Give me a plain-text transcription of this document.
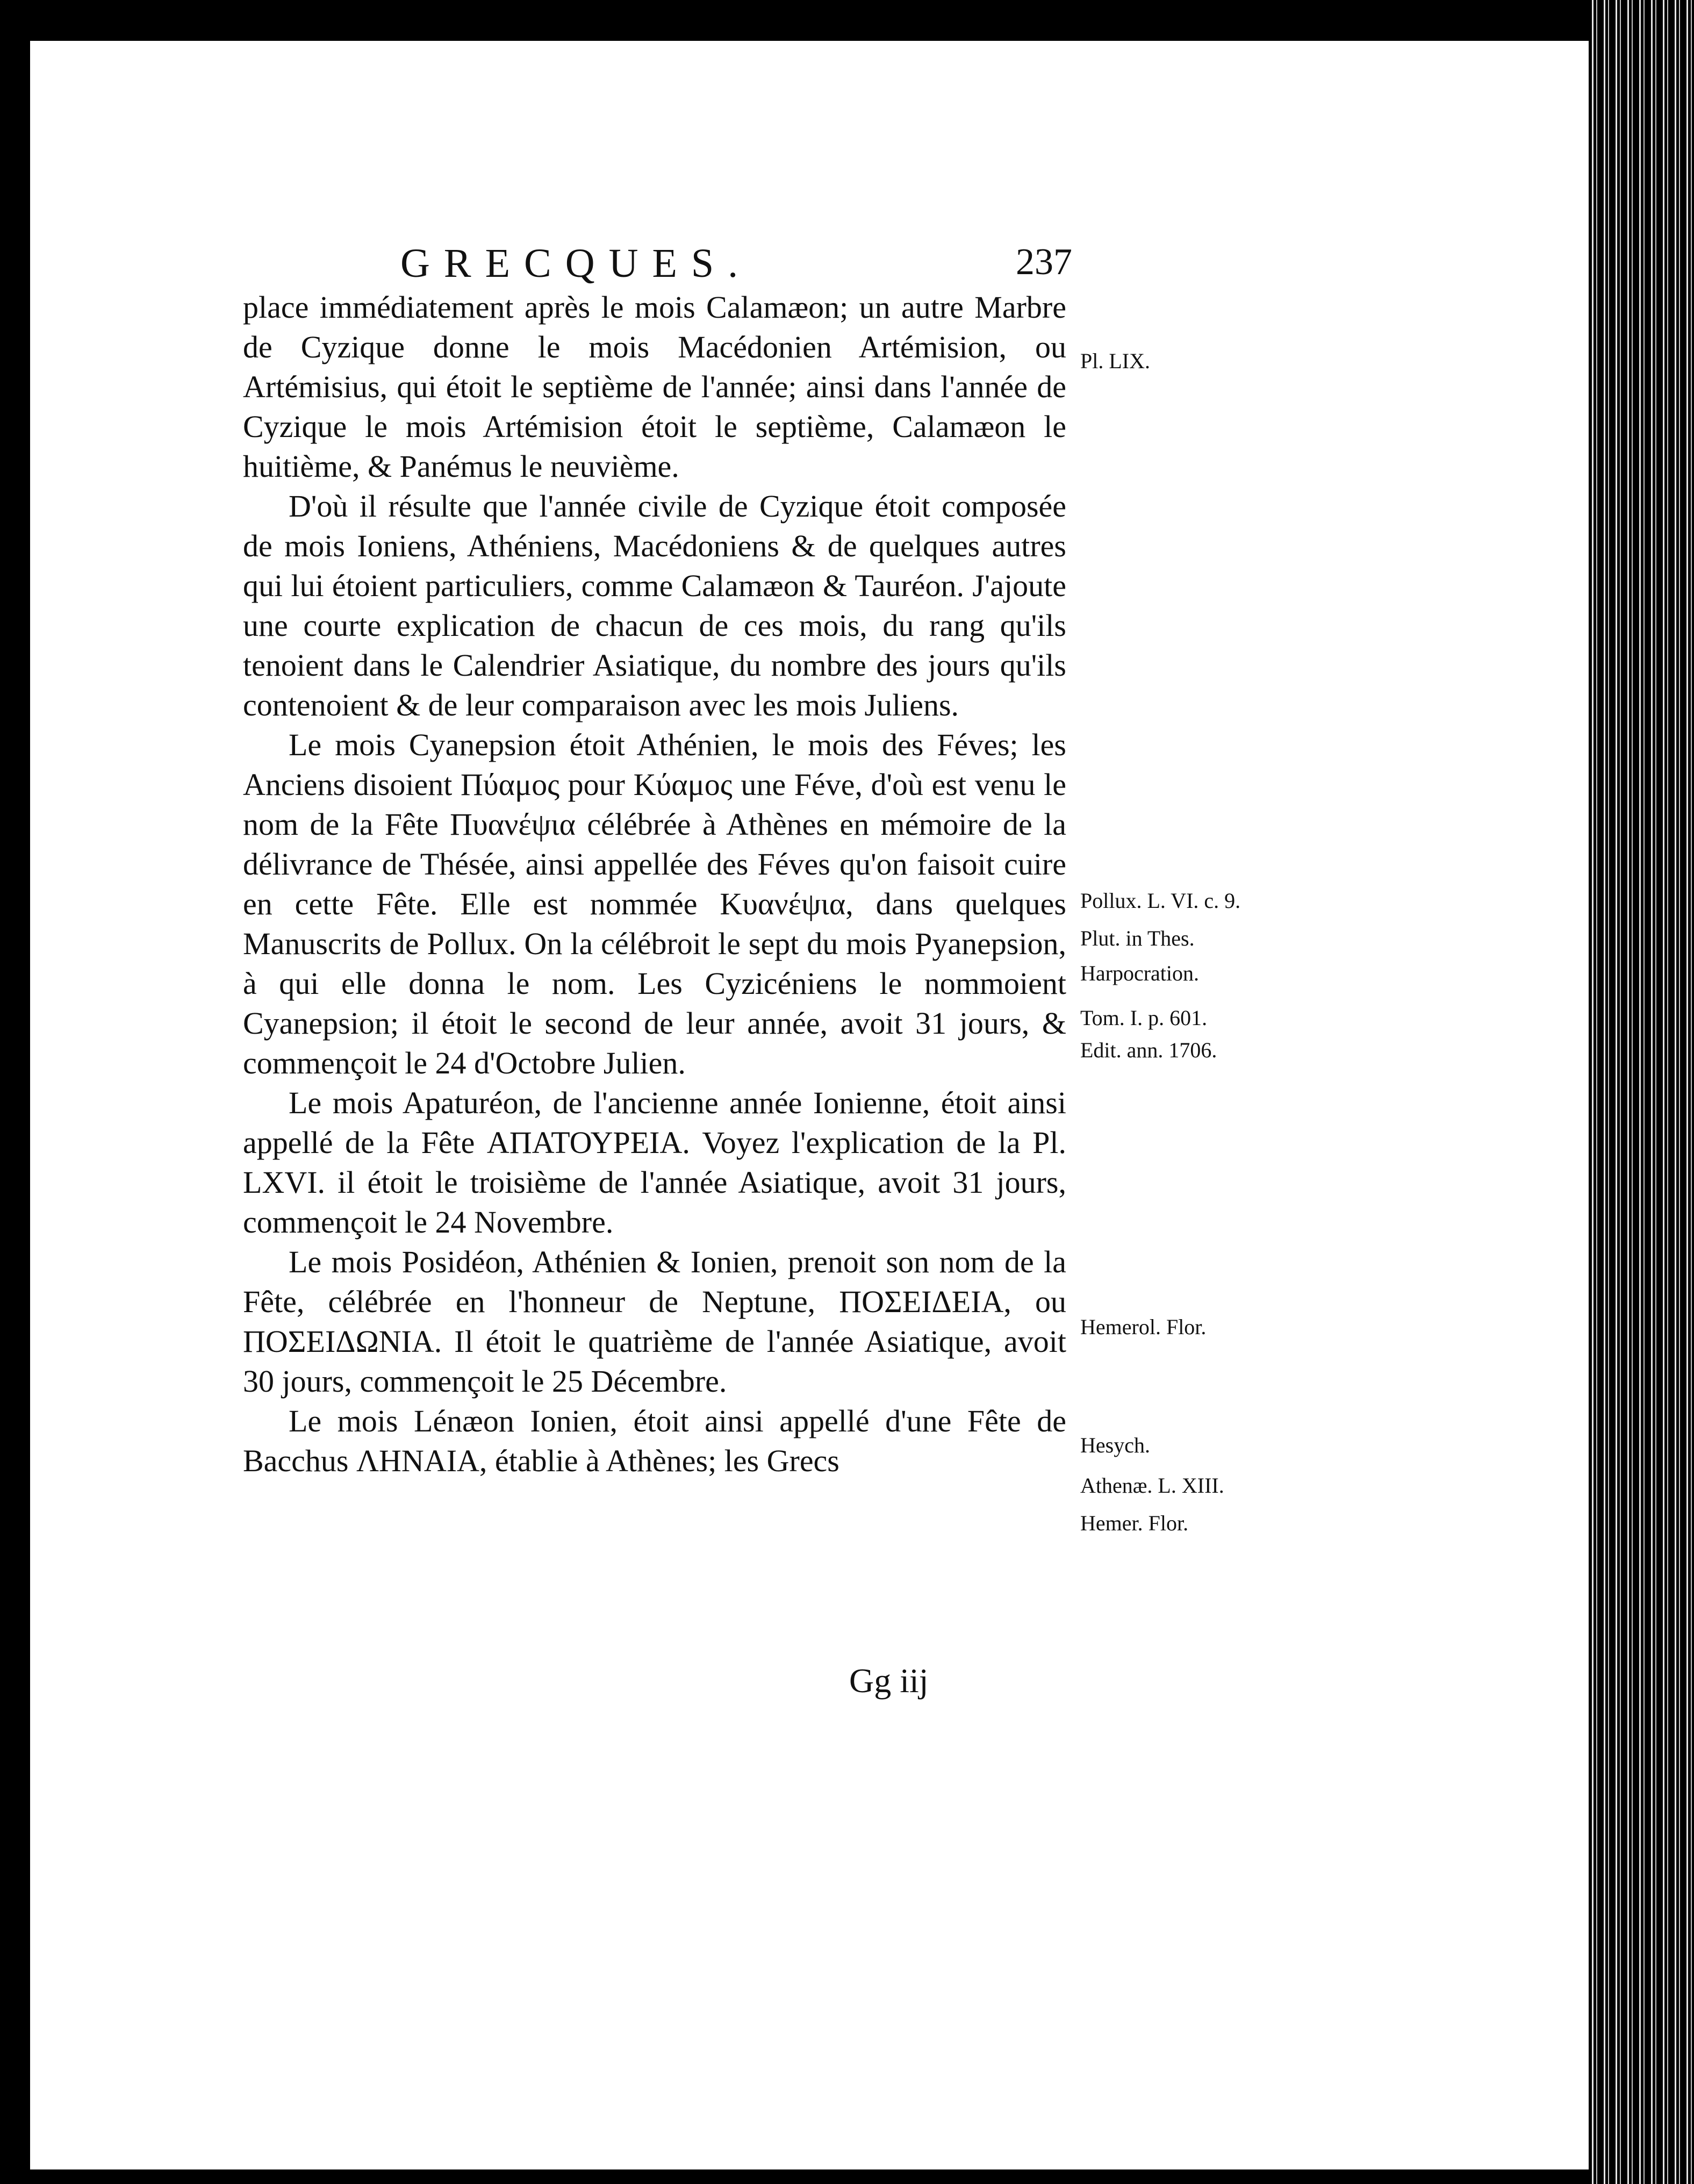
GRECQUES.	237

place immédiatement après le mois Calamæon; un autre Marbre de Cyzique donne le mois Macédonien Artémision, ou Artémisius, qui étoit le septième de l'année; ainsi dans l'année de Cyzique le mois Artémision étoit le septième, Calamæon le huitième, & Panémus le neuvième.

D'où il résulte que l'année civile de Cyzique étoit composée de mois Ioniens, Athéniens, Macédoniens & de quelques autres qui lui étoient particuliers, comme Calamæon & Tauréon. J'ajoute une courte explication de chacun de ces mois, du rang qu'ils tenoient dans le Calendrier Asiatique, du nombre des jours qu'ils contenoient & de leur comparaison avec les mois Juliens.

Le mois Cyanepsion étoit Athénien, le mois des Féves; les Anciens disoient Πύαμος pour Κύαμος une Féve, d'où est venu le nom de la Fête Πυανέψια célébrée à Athènes en mémoire de la délivrance de Thésée, ainsi appellée des Féves qu'on faisoit cuire en cette Fête. Elle est nommée Κυανέψια, dans quelques Manuscrits de Pollux. On la célébroit le sept du mois Pyanepsion, à qui elle donna le nom. Les Cyzicéniens le nommoient Cyanepsion; il étoit le second de leur année, avoit 31 jours, & commençoit le 24 d'Octobre Julien.

Le mois Apaturéon, de l'ancienne année Ionienne, étoit ainsi appellé de la Fête ΑΠΑΤΟΥΡΕΙΑ. Voyez l'explication de la Pl. LXVI. il étoit le troisième de l'année Asiatique, avoit 31 jours, commençoit le 24 Novembre.

Le mois Posidéon, Athénien & Ionien, prenoit son nom de la Fête, célébrée en l'honneur de Neptune, ΠΟΣΕΙΔΕΙΑ, ou ΠΟΣΕΙΔΩΝΙΑ. Il étoit le quatrième de l'année Asiatique, avoit 30 jours, commençoit le 25 Décembre.

Le mois Lénæon Ionien, étoit ainsi appellé d'une Fête de Bacchus ΛΗΝΑΙΑ, établie à Athènes; les Grecs

Pl. LIX.
Pollux. L. VI. c. 9.
Plut. in Thes.
Harpocration.
Tom. I. p. 601.
Edit. ann. 1706.
Hemerol. Flor.
Hesych.
Athenæ. L. XIII.
Hemer. Flor.
Gg iij
